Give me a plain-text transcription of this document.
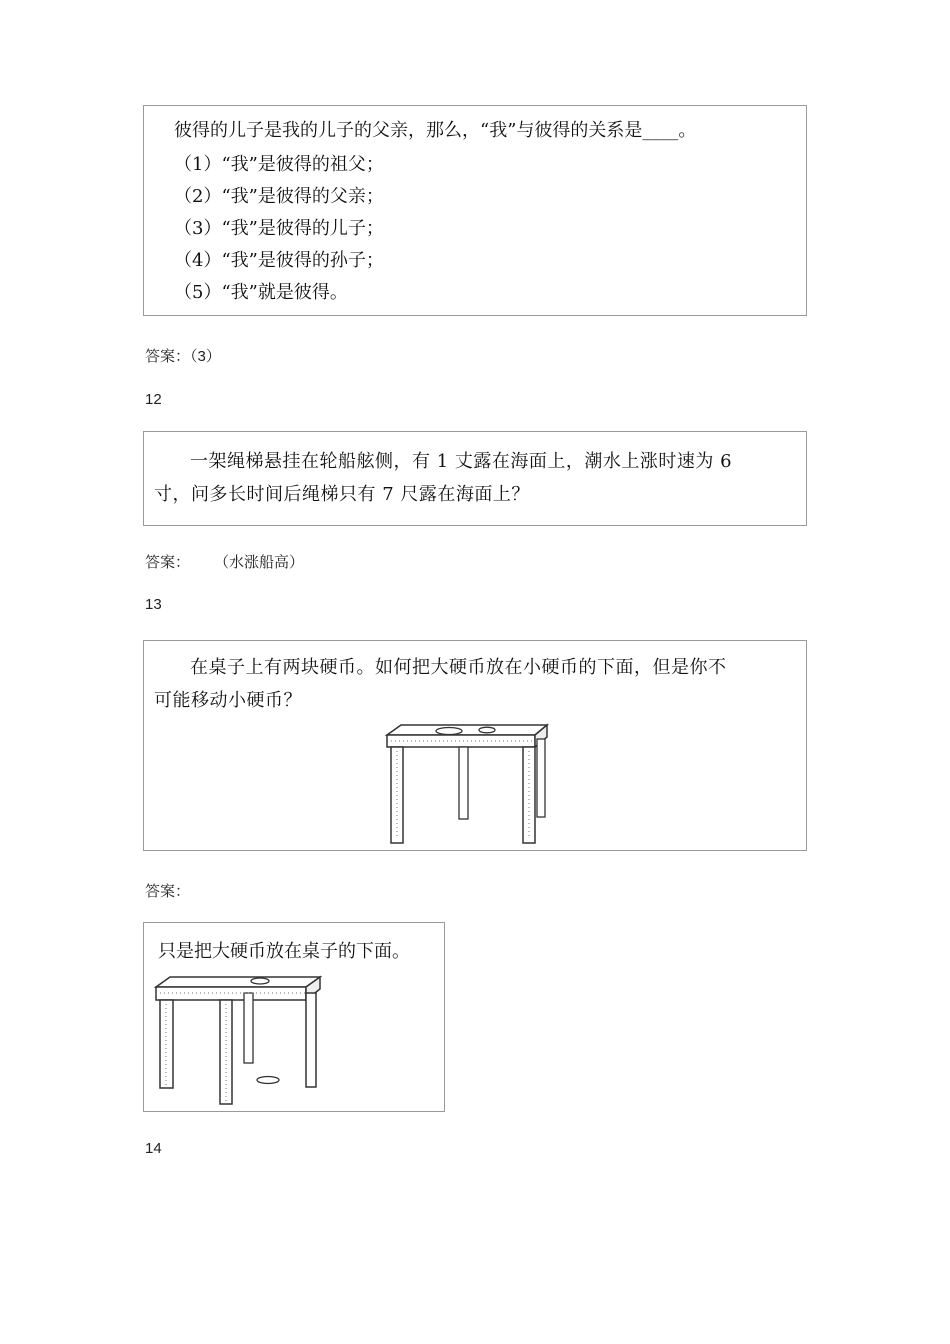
彼得的儿子是我的儿子的父亲，那么，“我”与彼得的关系是____。
（1）“我”是彼得的祖父；
（2）“我”是彼得的父亲；
（3）“我”是彼得的儿子；
（4）“我”是彼得的孙子；
（5）“我”就是彼得。
答案：（3）
12
一架绳梯悬挂在轮船舷侧，有 1 丈露在海面上，潮水上涨时速为 6
寸，问多长时间后绳梯只有 7 尺露在海面上？
答案： （水涨船高）
13
在桌子上有两块硬币。如何把大硬币放在小硬币的下面，但是你不
可能移动小硬币？
答案：
只是把大硬币放在桌子的下面。
14
